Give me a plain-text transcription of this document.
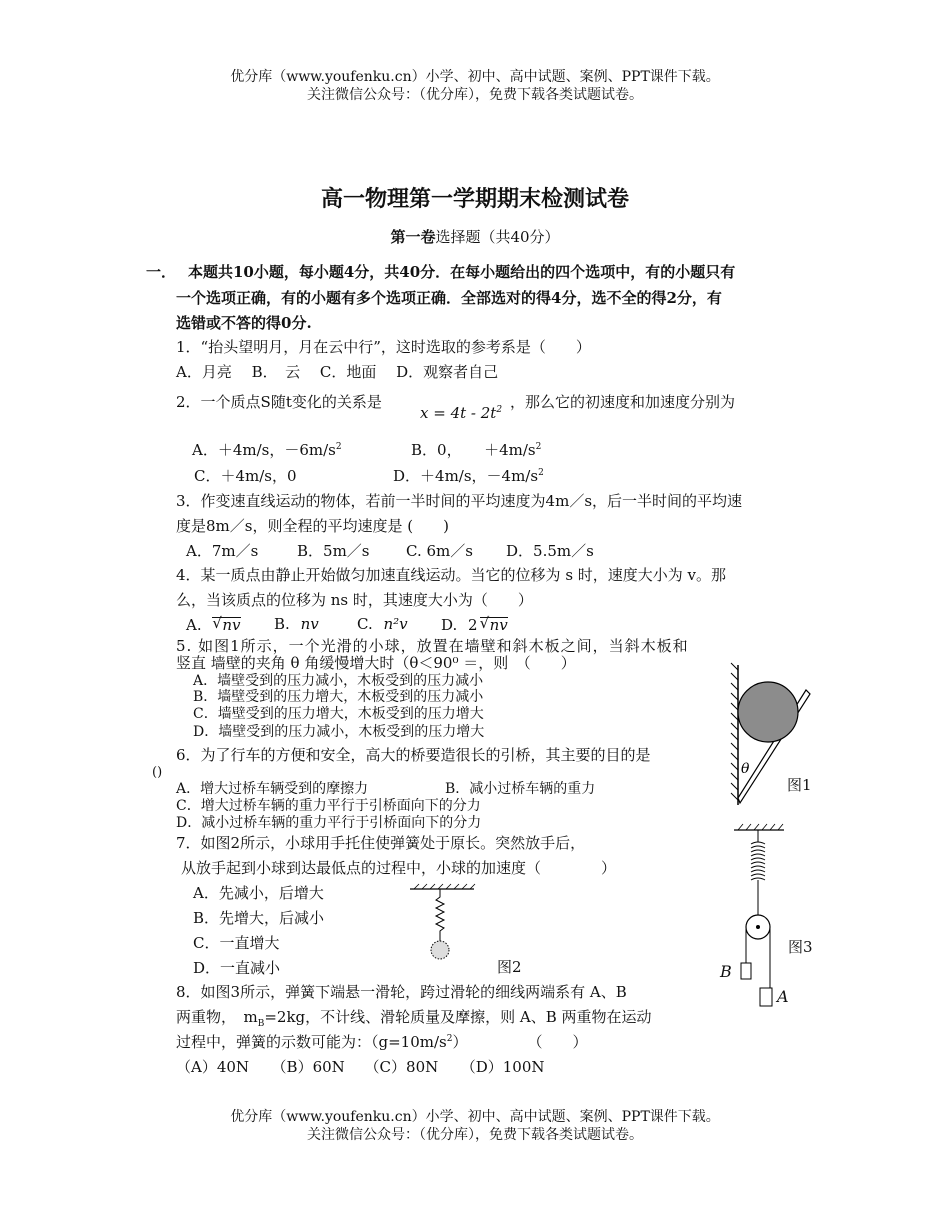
优分库（www.youfenku.cn）小学、初中、高中试题、案例、PPT课件下载。
关注微信公众号：（优分库），免费下载各类试题试卷。
高一物理第一学期期末检测试卷
第一卷选择题（共40分）
一． 本题共10小题，每小题4分，共40分．在每小题给出的四个选项中，有的小题只有
一个选项正确，有的小题有多个选项正确．全部选对的得4分，选不全的得2分，有
选错或不答的得0分.
1．“抬头望明月，月在云中行”，这时选取的参考系是（　　）
A．月亮　 B．　云　 C．地面　 D．观察者自己
2．一个质点S随t变化的关系是
$x = 4t - 2t^2$ ，那么它的初速度和加速度分别为
A．＋4m/s，$-6m/s^2$	B．0，　　$+4m/s^2$
C．＋4m/s，0	D．＋4m/s，$-4m/s^2$
3．作变速直线运动的物体，若前一半时间的平均速度为4m／s，后一半时间的平均速
度是8m／s，则全程的平均速度是 (　　)
A．7m／s	B．5m／s C. 6m／s D．5.5m／s
4．某一质点由静止开始做匀加速直线运动。当它的位移为 s 时，速度大小为 v。那
么，当该质点的位移为 ns 时，其速度大小为（　　）
A. √ nv B. nv	C. n²v D. 2 √ nv
5. 如图1所示，一个光滑的小球，放置在墙壁和斜木板之间，当斜木板和
竖直 墙壁的夹角 θ 角缓慢增大时（θ＜90⁰ ＝，则　（　　）
A．墙壁受到的压力减小，木板受到的压力减小
B．墙壁受到的压力增大，木板受到的压力减小
C．墙壁受到的压力增大，木板受到的压力增大
D．墙壁受到的压力减小，木板受到的压力增大
θ
图1
6．为了行车的方便和安全，高大的桥要造很长的引桥，其主要的目的是
()
A．增大过桥车辆受到的摩擦力	B．减小过桥车辆的重力
C．增大过桥车辆的重力平行于引桥面向下的分力
D．减小过桥车辆的重力平行于引桥面向下的分力
7．如图2所示，小球用手托住使弹簧处于原长。突然放手后，
从放手起到小球到达最低点的过程中，小球的加速度（　　　　）
A．先减小，后增大
B．先增大，后减小
C．一直增大
D．一直减小	图2	B
A
图3
8．如图3所示，弹簧下端悬一滑轮，跨过滑轮的细线两端系有 A、B
两重物，　$m_B=2kg$，不计线、滑轮质量及摩擦，则 A、B 两重物在运动
过程中，弹簧的示数可能为：$(g=10m/s^2)$　　　　　（　　）
（A）40N　　（B）60N　 （C）80N　　（D）100N
优分库（www.youfenku.cn）小学、初中、高中试题、案例、PPT课件下载。
关注微信公众号：（优分库），免费下载各类试题试卷。
